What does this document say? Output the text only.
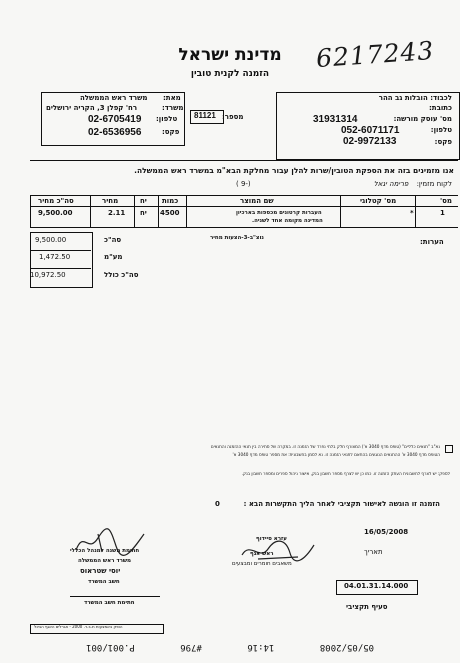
6217243
מדינת ישראל
הזמנה לקנית טובין
לכבוד: הובלות גב ההר
כתובת:
מס' עוסק מורשה:
31931314
טלפון:
052-6071171
פקס:
02-9972133
מספר:
81121
מאת:
משרד ראש הממשלה
משרד:
רח' קפלן 3, הקריה ירושלים
טלפון:
02-6705419
פקס:
02-6536956
אנו מזמינים בזה את הספקת הטובין/שרות להלן עבור מחלקת הבא"מ במשרד ראש הממשלה.
לקוח מזמין: פרימה יגאל
( 9-)
מס'
מס' קטלוגי
שם המוצר
כמות
יח
מחיר
סה"כ מחיר
1
*
העברות קרטונים מכספות בארכיון
המדינה מקומה אחד לשניה.
4500
יח
2.11
9,500.00
הערות:
נוצ"ב-3-הצעות מחיר
9,500.00
1,472.50
10,972.50
סה"כ
מע"מ
סה"כ כולל
נא"ב "תנאים כלליים" (טופס מדף 3040 א') המצורף חלק בלתי נפרד של הזמנה זו. במקרה של סתירה בין תנאי ההזמנה והתנאים
הטופס מדף 3040 א' ההתנאים הנוגעים בהתאם לתנאי הזמנה זו. נא לסמן בחשבונית: את מספר טופס מדף 3040 א'
לספק: יש לצרף לחשבונית העתק הזמנה זו. כמו כן יש לצרף מספר חשבון בנק, אישור ניהול ספרים ומספר חשבון בנק.
הזמנה זו הוגשה לאישור תקציבי לאחר הליך התקשרות הבא :
0
16/05/2008
תאריך
04.01.31.14.000
סעיף תקציבי
עזרא סיידוף
ראש אגף
משאבים חומרים ומבצעים
חתימת משנה למנהל הכללי
משרד ראש הממשלה
יוסי שטראוס
חשב המשרד
חתימת חשב המשרד
הופק באמצעות ת.ב.ר. 2000 - אגרלים האגף הבינל
05/05/2008 14:16 #796 P.001/001
